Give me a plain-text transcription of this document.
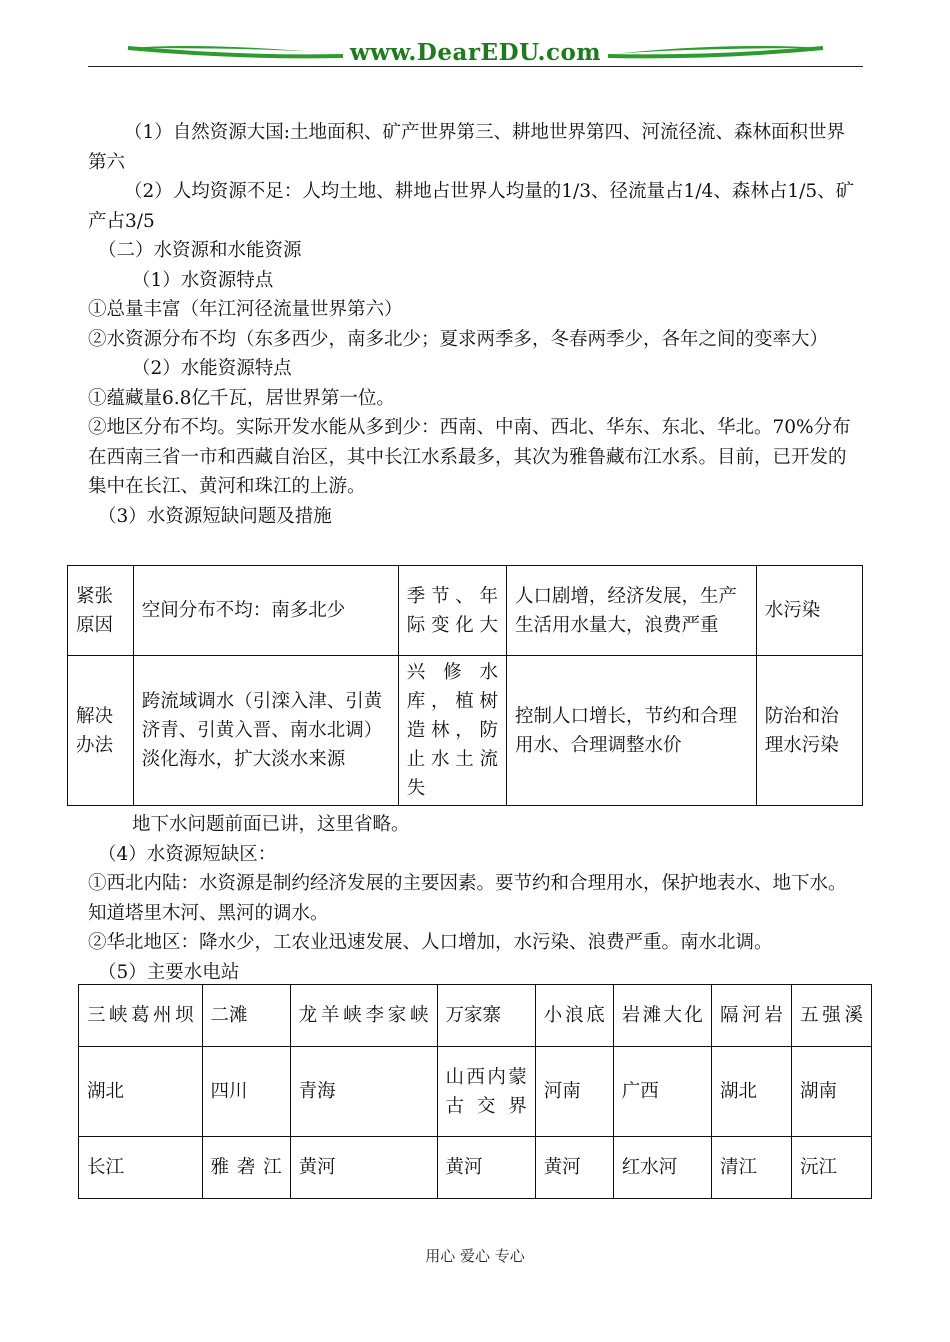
www.DearEDU.com

（1）自然资源大国:土地面积、矿产世界第三、耕地世界第四、河流径流、森林面积世界第六

（2）人均资源不足：人均土地、耕地占世界人均量的1/3、径流量占1/4、森林占1/5、矿产占3/5

（二）水资源和水能资源

（1）水资源特点

①总量丰富（年江河径流量世界第六）

②水资源分布不均（东多西少，南多北少；夏求两季多，冬春两季少，各年之间的变率大）

（2）水能资源特点

①蕴藏量6.8亿千瓦，居世界第一位。

②地区分布不均。实际开发水能从多到少：西南、中南、西北、华东、东北、华北。70%分布在西南三省一市和西藏自治区，其中长江水系最多，其次为雅鲁藏布江水系。目前，已开发的集中在长江、黄河和珠江的上游。

（3）水资源短缺问题及措施

紧张原因	空间分布不均：南多北少	季节、年际变化大	人口剧增，经济发展，生产生活用水量大，浪费严重	水污染
解决办法	跨流域调水（引滦入津、引黄济青、引黄入晋、南水北调）淡化海水，扩大淡水来源	兴修水库，植树造林，防止水土流失	控制人口增长，节约和合理用水、合理调整水价	防治和治理水污染

地下水问题前面已讲，这里省略。

（4）水资源短缺区：

①西北内陆：水资源是制约经济发展的主要因素。要节约和合理用水，保护地表水、地下水。知道塔里木河、黑河的调水。

②华北地区：降水少，工农业迅速发展、人口增加，水污染、浪费严重。南水北调。

（5）主要水电站

三峡葛州坝	二滩	龙羊峡李家峡	万家寨	小浪底	岩滩大化	隔河岩	五强溪
湖北	四川	青海	山西内蒙古交界	河南	广西	湖北	湖南
长江	雅砻江	黄河	黄河	黄河	红水河	清江	沅江
用心 爱心 专心
